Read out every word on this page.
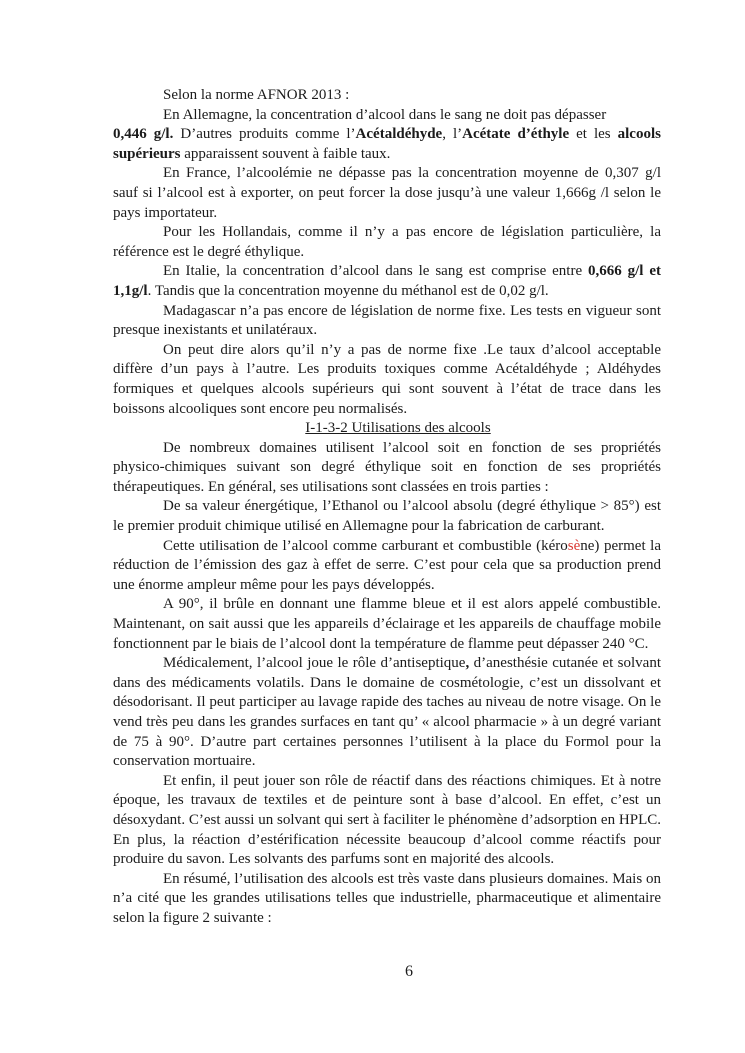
Selon la norme AFNOR 2013 :

En Allemagne, la concentration d’alcool dans le sang ne doit pas dépasser
0,446 g/l. D’autres produits comme l’Acétaldéhyde, l’Acétate d’éthyle et les alcools supérieurs apparaissent souvent à faible taux.

En France, l’alcoolémie ne dépasse pas la concentration moyenne de 0,307 g/l sauf si l’alcool est à exporter, on peut forcer la dose jusqu’à une valeur 1,666g /l selon le pays importateur.

Pour les Hollandais, comme il n’y a pas encore de législation particulière, la référence est le degré éthylique.

En Italie, la concentration d’alcool dans le sang est comprise entre 0,666 g/l et 1,1g/l. Tandis que la concentration moyenne du méthanol est de 0,02 g/l.

Madagascar n’a pas encore de législation de norme fixe. Les tests en vigueur sont presque inexistants et unilatéraux.

On peut dire alors qu’il n’y a pas de norme fixe .Le taux d’alcool acceptable diffère d’un pays à l’autre. Les produits toxiques comme Acétaldéhyde ; Aldéhydes formiques et quelques alcools supérieurs qui sont souvent à l’état de trace dans les boissons alcooliques sont encore peu normalisés.

I-1-3-2 Utilisations des alcools

De nombreux domaines utilisent l’alcool soit en fonction de ses propriétés physico-chimiques suivant son degré éthylique soit en fonction de ses propriétés thérapeutiques. En général, ses utilisations sont classées en trois parties :

De sa valeur énergétique, l’Ethanol ou l’alcool absolu (degré éthylique > 85°) est le premier produit chimique utilisé en Allemagne pour la fabrication de carburant.

Cette utilisation de l’alcool comme carburant et combustible (kérosène) permet la réduction de l’émission des gaz à effet de serre. C’est pour cela que sa production prend une énorme ampleur même pour les pays développés.

A 90°, il brûle en donnant une flamme bleue et il est alors appelé combustible. Maintenant, on sait aussi que les appareils d’éclairage et les appareils de chauffage mobile fonctionnent par le biais de l’alcool dont la température de flamme peut dépasser 240 °C.

Médicalement, l’alcool joue le rôle d’antiseptique, d’anesthésie cutanée et solvant dans des médicaments volatils. Dans le domaine de cosmétologie, c’est un dissolvant et désodorisant. Il peut participer au lavage rapide des taches au niveau de notre visage. On le vend très peu dans les grandes surfaces en tant qu’ « alcool pharmacie » à un degré variant de 75 à 90°. D’autre part certaines personnes l’utilisent à la place du Formol pour la conservation mortuaire.

Et enfin, il peut jouer son rôle de réactif dans des réactions chimiques. Et à notre époque, les travaux de textiles et de peinture sont à base d’alcool. En effet, c’est un désoxydant. C’est aussi un solvant qui sert à faciliter le phénomène d’adsorption en HPLC. En plus, la réaction d’estérification nécessite beaucoup d’alcool comme réactifs pour produire du savon. Les solvants des parfums sont en majorité des alcools.

En résumé, l’utilisation des alcools est très vaste dans plusieurs domaines. Mais on n’a cité que les grandes utilisations telles que industrielle, pharmaceutique et alimentaire selon la figure 2 suivante :

6
